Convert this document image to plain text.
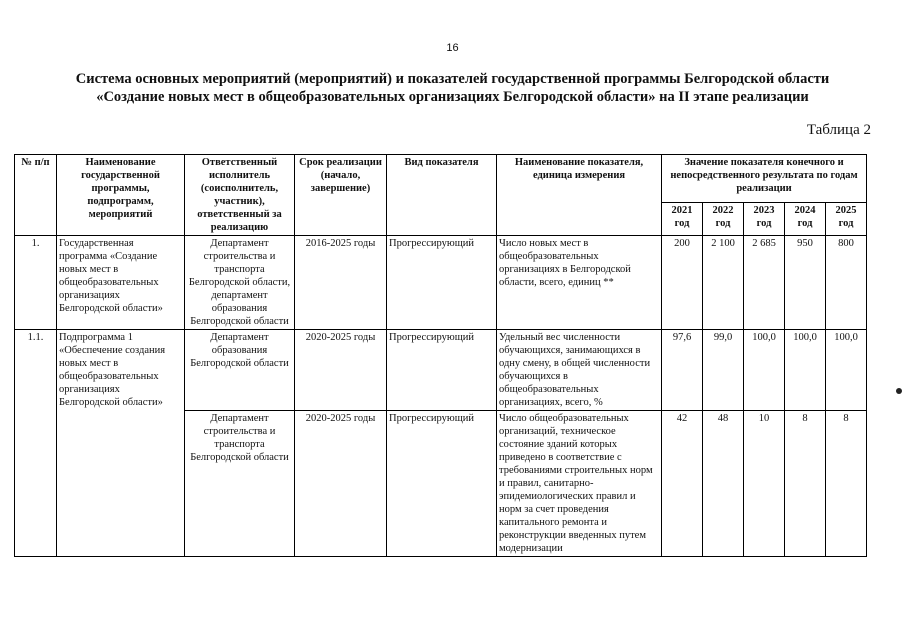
16
Система основных мероприятий (мероприятий) и показателей государственной программы Белгородской области
«Создание новых мест в общеобразовательных организациях Белгородской области» на II этапе реализации
Таблица 2
№ п/п	Наименование государственной программы, подпрограмм, мероприятий	Ответственный исполнитель (соисполнитель, участник), ответственный за реализацию	Срок реализации (начало, завершение)	Вид показателя	Наименование показателя, единица измерения	Значение показателя конечного и непосредственного результата по годам реализации				
						2021 год	2022 год	2023 год	2024 год	2025 год
1.	Государственная программа «Создание новых мест в общеобразовательных организациях Белгородской области»	Департамент строительства и транспорта Белгородской области, департамент образования Белгородской области	2016-2025 годы	Прогрессирующий	Число новых мест в общеобразовательных организациях в Белгородской области, всего, единиц **	200	2 100	2 685	950	800
1.1.	Подпрограмма 1 «Обеспечение создания новых мест в общеобразовательных организациях Белгородской области»	Департамент образования Белгородской области	2020-2025 годы	Прогрессирующий	Удельный вес численности обучающихся, занимающихся в одну смену, в общей численности обучающихся в общеобразовательных организациях, всего, %	97,6	99,0	100,0	100,0	100,0
		Департамент строительства и транспорта Белгородской области	2020-2025 годы	Прогрессирующий	Число общеобразовательных организаций, техническое состояние зданий которых приведено в соответствие с требованиями строительных норм и правил, санитарно-эпидемиологических правил и норм за счет проведения капитального ремонта и реконструкции введенных путем модернизации	42	48	10	8	8
